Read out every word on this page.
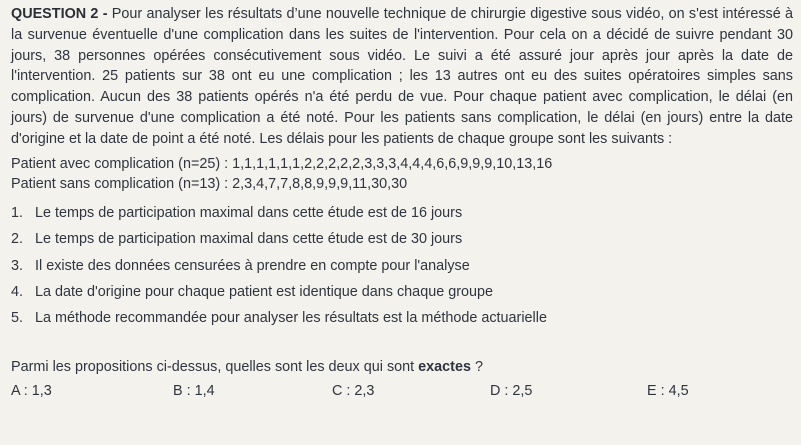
QUESTION 2 - Pour analyser les résultats d’une nouvelle technique de chirurgie digestive sous vidéo, on s'est intéressé à la survenue éventuelle d'une complication dans les suites de l'intervention. Pour cela on a décidé de suivre pendant 30 jours, 38 personnes opérées consécutivement sous vidéo. Le suivi a été assuré jour après jour après la date de l'intervention. 25 patients sur 38 ont eu une complication ; les 13 autres ont eu des suites opératoires simples sans complication. Aucun des 38 patients opérés n'a été perdu de vue. Pour chaque patient avec complication, le délai (en jours) de survenue d'une complication a été noté. Pour les patients sans complication, le délai (en jours) entre la date d'origine et la date de point a été noté. Les délais pour les patients de chaque groupe sont les suivants :

Patient avec complication (n=25) : 1,1,1,1,1,1,2,2,2,2,2,3,3,3,4,4,4,6,6,9,9,9,10,13,16
Patient sans complication (n=13) : 2,3,4,7,7,8,8,9,9,9,11,30,30
1. Le temps de participation maximal dans cette étude est de 16 jours
2. Le temps de participation maximal dans cette étude est de 30 jours
3. Il existe des données censurées à prendre en compte pour l'analyse
4. La date d'origine pour chaque patient est identique dans chaque groupe
5. La méthode recommandée pour analyser les résultats est la méthode actuarielle

Parmi les propositions ci-dessus, quelles sont les deux qui sont exactes ?

A : 1,3	B : 1,4	C : 2,3	D : 2,5	E : 4,5
